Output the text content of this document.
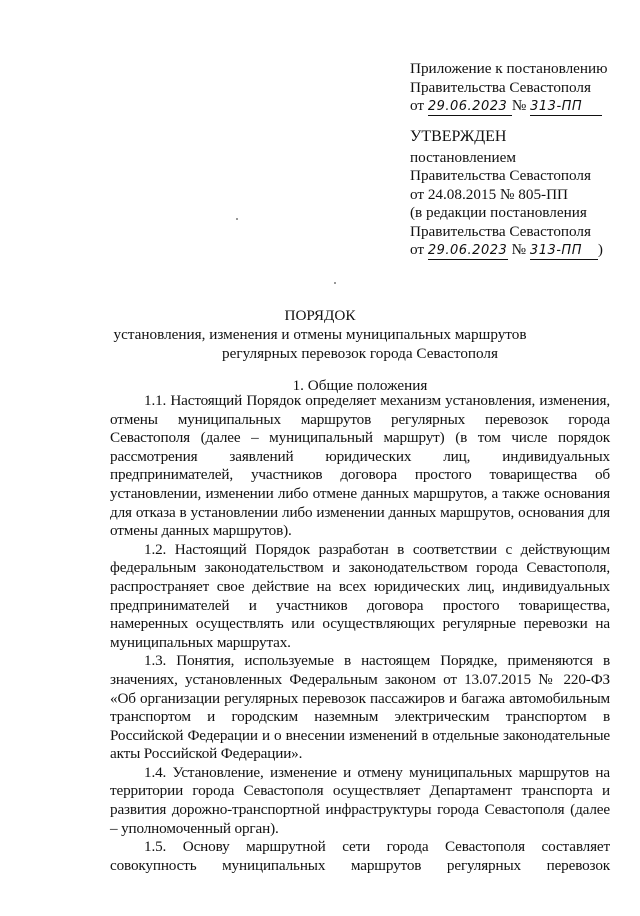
Приложение к постановлению
Правительства Севастополя
от 29.06.2023 № 313-ПП
УТВЕРЖДЕН
постановлением
Правительства Севастополя
от 24.08.2015 № 805-ПП
(в редакции постановления
Правительства Севастополя
от 29.06.2023 № 313-ПП )
ПОРЯДОК
установления, изменения и отмены муниципальных маршрутов
регулярных перевозок города Севастополя
1. Общие положения

1.1. Настоящий Порядок определяет механизм установления, изменения, отмены муниципальных маршрутов регулярных перевозок города Севастополя (далее – муниципальный маршрут) (в том числе порядок рассмотрения заявлений юридических лиц, индивидуальных предпринимателей, участников договора простого товарищества об установлении, изменении либо отмене данных маршрутов, а также основания для отказа в установлении либо изменении данных маршрутов, основания для отмены данных маршрутов).

1.2. Настоящий Порядок разработан в соответствии с действующим федеральным законодательством и законодательством города Севастополя, распространяет свое действие на всех юридических лиц, индивидуальных предпринимателей и участников договора простого товарищества, намеренных осуществлять или осуществляющих регулярные перевозки на муниципальных маршрутах.

1.3. Понятия, используемые в настоящем Порядке, применяются в значениях, установленных Федеральным законом от 13.07.2015 № 220-ФЗ «Об организации регулярных перевозок пассажиров и багажа автомобильным транспортом и городским наземным электрическим транспортом в Российской Федерации и о внесении изменений в отдельные законодательные акты Российской Федерации».

1.4. Установление, изменение и отмену муниципальных маршрутов на территории города Севастополя осуществляет Департамент транспорта и развития дорожно-транспортной инфраструктуры города Севастополя (далее – уполномоченный орган).

1.5. Основу маршрутной сети города Севастополя составляет совокупность муниципальных маршрутов регулярных перевозок
